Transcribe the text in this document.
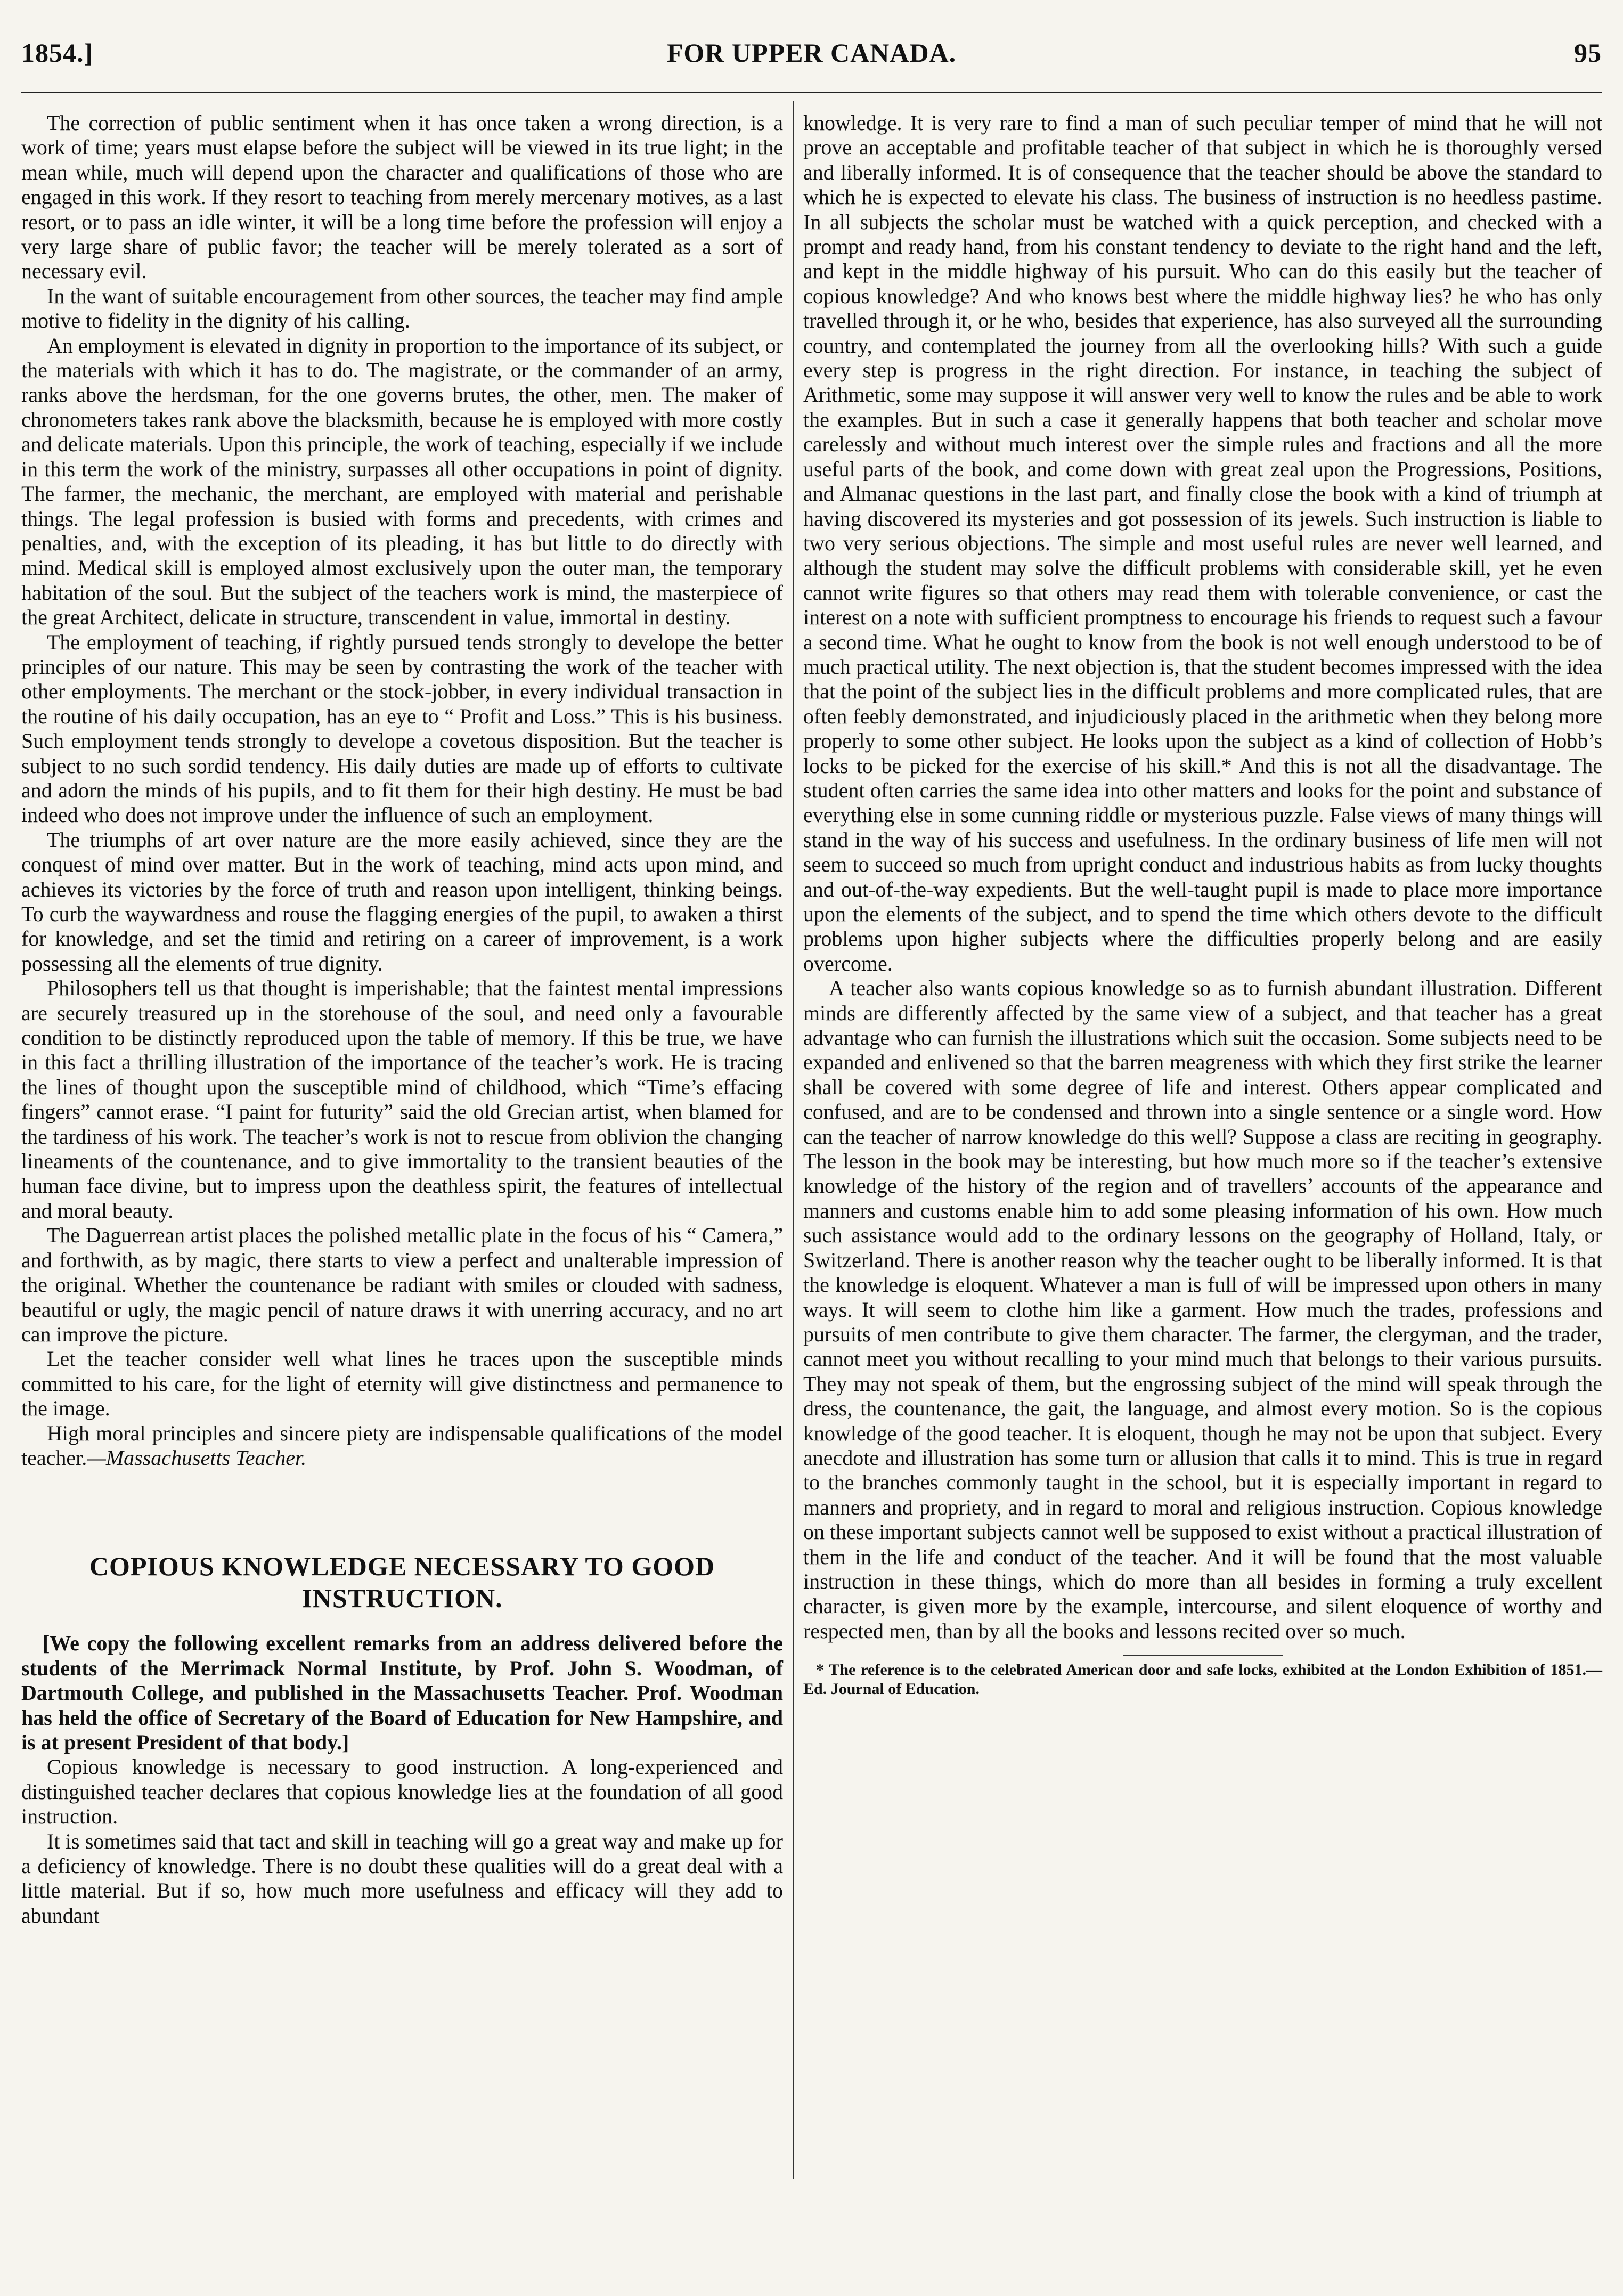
1854.]	FOR UPPER CANADA.	95

The correction of public sentiment when it has once taken a wrong direction, is a work of time; years must elapse before the subject will be viewed in its true light; in the mean while, much will depend upon the character and qualifications of those who are engaged in this work. If they resort to teaching from merely mercenary motives, as a last resort, or to pass an idle winter, it will be a long time before the profession will enjoy a very large share of public favor; the teacher will be merely tolerated as a sort of necessary evil.

In the want of suitable encouragement from other sources, the teacher may find ample motive to fidelity in the dignity of his calling.

An employment is elevated in dignity in proportion to the importance of its subject, or the materials with which it has to do. The magistrate, or the commander of an army, ranks above the herdsman, for the one governs brutes, the other, men. The maker of chronometers takes rank above the blacksmith, because he is employed with more costly and delicate materials. Upon this principle, the work of teaching, especially if we include in this term the work of the ministry, surpasses all other occupations in point of dignity. The farmer, the mechanic, the merchant, are employed with material and perishable things. The legal profession is busied with forms and precedents, with crimes and penalties, and, with the exception of its pleading, it has but little to do directly with mind. Medical skill is employed almost exclusively upon the outer man, the temporary habitation of the soul. But the subject of the teachers work is mind, the masterpiece of the great Architect, delicate in structure, transcendent in value, immortal in destiny.

The employment of teaching, if rightly pursued tends strongly to develope the better principles of our nature. This may be seen by contrasting the work of the teacher with other employments. The merchant or the stock-jobber, in every individual transaction in the routine of his daily occupation, has an eye to “ Profit and Loss.” This is his business. Such employment tends strongly to develope a covetous disposition. But the teacher is subject to no such sordid tendency. His daily duties are made up of efforts to cultivate and adorn the minds of his pupils, and to fit them for their high destiny. He must be bad indeed who does not improve under the influence of such an employment.

The triumphs of art over nature are the more easily achieved, since they are the conquest of mind over matter. But in the work of teaching, mind acts upon mind, and achieves its victories by the force of truth and reason upon intelligent, thinking beings. To curb the waywardness and rouse the flagging energies of the pupil, to awaken a thirst for knowledge, and set the timid and retiring on a career of improvement, is a work possessing all the elements of true dignity.

Philosophers tell us that thought is imperishable; that the faintest mental impressions are securely treasured up in the storehouse of the soul, and need only a favourable condition to be distinctly reproduced upon the table of memory. If this be true, we have in this fact a thrilling illustration of the importance of the teacher’s work. He is tracing the lines of thought upon the susceptible mind of childhood, which “Time’s effacing fingers” cannot erase. “I paint for futurity” said the old Grecian artist, when blamed for the tardiness of his work. The teacher’s work is not to rescue from oblivion the changing lineaments of the countenance, and to give immortality to the transient beauties of the human face divine, but to impress upon the deathless spirit, the features of intellectual and moral beauty.

The Daguerrean artist places the polished metallic plate in the focus of his “ Camera,” and forthwith, as by magic, there starts to view a perfect and unalterable impression of the original. Whether the countenance be radiant with smiles or clouded with sadness, beautiful or ugly, the magic pencil of nature draws it with unerring accuracy, and no art can improve the picture.

Let the teacher consider well what lines he traces upon the susceptible minds committed to his care, for the light of eternity will give distinctness and permanence to the image.

High moral principles and sincere piety are indispensable qualifications of the model teacher.—Massachusetts Teacher.

COPIOUS KNOWLEDGE NECESSARY TO GOOD INSTRUCTION.

[We copy the following excellent remarks from an address delivered before the students of the Merrimack Normal Institute, by Prof. John S. Woodman, of Dartmouth College, and published in the Massachusetts Teacher. Prof. Woodman has held the office of Secretary of the Board of Education for New Hampshire, and is at present President of that body.]

Copious knowledge is necessary to good instruction. A long-experienced and distinguished teacher declares that copious knowledge lies at the foundation of all good instruction.

It is sometimes said that tact and skill in teaching will go a great way and make up for a deficiency of knowledge. There is no doubt these qualities will do a great deal with a little material. But if so, how much more usefulness and efficacy will they add to abundant

knowledge. It is very rare to find a man of such peculiar temper of mind that he will not prove an acceptable and profitable teacher of that subject in which he is thoroughly versed and liberally informed. It is of consequence that the teacher should be above the standard to which he is expected to elevate his class. The business of instruction is no heedless pastime. In all subjects the scholar must be watched with a quick perception, and checked with a prompt and ready hand, from his constant tendency to deviate to the right hand and the left, and kept in the middle highway of his pursuit. Who can do this easily but the teacher of copious knowledge? And who knows best where the middle highway lies? he who has only travelled through it, or he who, besides that experience, has also surveyed all the surrounding country, and contemplated the journey from all the overlooking hills? With such a guide every step is progress in the right direction. For instance, in teaching the subject of Arithmetic, some may suppose it will answer very well to know the rules and be able to work the examples. But in such a case it generally happens that both teacher and scholar move carelessly and without much interest over the simple rules and fractions and all the more useful parts of the book, and come down with great zeal upon the Progressions, Positions, and Almanac questions in the last part, and finally close the book with a kind of triumph at having discovered its mysteries and got possession of its jewels. Such instruction is liable to two very serious objections. The simple and most useful rules are never well learned, and although the student may solve the difficult problems with considerable skill, yet he even cannot write figures so that others may read them with tolerable convenience, or cast the interest on a note with sufficient promptness to encourage his friends to request such a favour a second time. What he ought to know from the book is not well enough understood to be of much practical utility. The next objection is, that the student becomes impressed with the idea that the point of the subject lies in the difficult problems and more complicated rules, that are often feebly demonstrated, and injudiciously placed in the arithmetic when they belong more properly to some other subject. He looks upon the subject as a kind of collection of Hobb’s locks to be picked for the exercise of his skill.* And this is not all the disadvantage. The student often carries the same idea into other matters and looks for the point and substance of everything else in some cunning riddle or mysterious puzzle. False views of many things will stand in the way of his success and usefulness. In the ordinary business of life men will not seem to succeed so much from upright conduct and industrious habits as from lucky thoughts and out-of-the-way expedients. But the well-taught pupil is made to place more importance upon the elements of the subject, and to spend the time which others devote to the difficult problems upon higher subjects where the difficulties properly belong and are easily overcome.

A teacher also wants copious knowledge so as to furnish abundant illustration. Different minds are differently affected by the same view of a subject, and that teacher has a great advantage who can furnish the illustrations which suit the occasion. Some subjects need to be expanded and enlivened so that the barren meagreness with which they first strike the learner shall be covered with some degree of life and interest. Others appear complicated and confused, and are to be condensed and thrown into a single sentence or a single word. How can the teacher of narrow knowledge do this well? Suppose a class are reciting in geography. The lesson in the book may be interesting, but how much more so if the teacher’s extensive knowledge of the history of the region and of travellers’ accounts of the appearance and manners and customs enable him to add some pleasing information of his own. How much such assistance would add to the ordinary lessons on the geography of Holland, Italy, or Switzerland. There is another reason why the teacher ought to be liberally informed. It is that the knowledge is eloquent. Whatever a man is full of will be impressed upon others in many ways. It will seem to clothe him like a garment. How much the trades, professions and pursuits of men contribute to give them character. The farmer, the clergyman, and the trader, cannot meet you without recalling to your mind much that belongs to their various pursuits. They may not speak of them, but the engrossing subject of the mind will speak through the dress, the countenance, the gait, the language, and almost every motion. So is the copious knowledge of the good teacher. It is eloquent, though he may not be upon that subject. Every anecdote and illustration has some turn or allusion that calls it to mind. This is true in regard to the branches commonly taught in the school, but it is especially important in regard to manners and propriety, and in regard to moral and religious instruction. Copious knowledge on these important subjects cannot well be supposed to exist without a practical illustration of them in the life and conduct of the teacher. And it will be found that the most valuable instruction in these things, which do more than all besides in forming a truly excellent character, is given more by the example, intercourse, and silent eloquence of worthy and respected men, than by all the books and lessons recited over so much.

* The reference is to the celebrated American door and safe locks, exhibited at the London Exhibition of 1851.—Ed. Journal of Education.
